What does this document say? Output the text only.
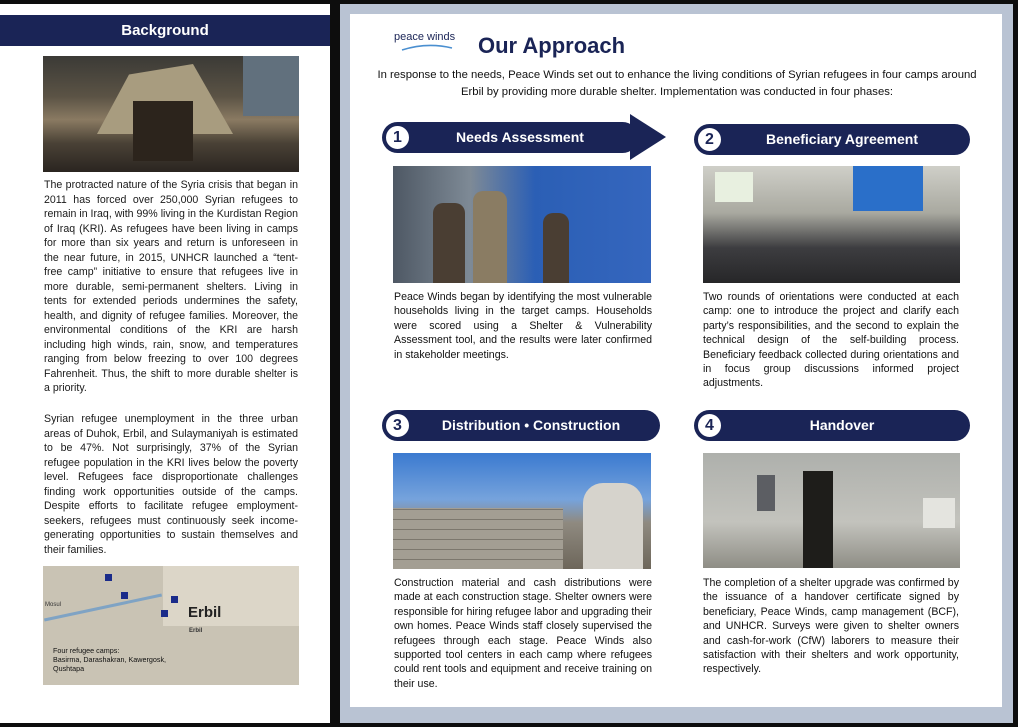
Background

The protracted nature of the Syria crisis that began in 2011 has forced over 250,000 Syrian refugees to remain in Iraq, with 99% living in the Kurdistan Region of Iraq (KRI). As refugees have been living in camps for more than six years and return is unforeseen in the near future, in 2015, UNHCR launched a “tent-free camp” initiative to ensure that refugees live in more durable, semi-permanent shelters. Living in tents for extended periods undermines the safety, health, and dignity of refugee families. Moreover, the environmental conditions of the KRI are harsh including high winds, rain, snow, and temperatures ranging from below freezing to over 100 degrees Fahrenheit. Thus, the shift to more durable shelter is a priority.

Syrian refugee unemployment in the three urban areas of Duhok, Erbil, and Sulaymaniyah is estimated to be 47%. Not surprisingly, 37% of the Syrian refugee population in the KRI lives below the poverty level. Refugees face disproportionate challenges finding work opportunities outside of the camps. Despite efforts to facilitate refugee employment-seekers, refugees must continuously seek income-generating opportunities to sustain themselves and their families.

Mosul	Erbil
Erbil
Four refugee camps:
Basirma, Darashakran, Kawergosk,
Qushtapa
peace winds Our Approach

In response to the needs, Peace Winds set out to enhance the living conditions of Syrian refugees in four camps around Erbil by providing more durable shelter. Implementation was conducted in four phases:

1	Needs Assessment

Peace Winds began by identifying the most vulnerable households living in the target camps. Households were scored using a Shelter & Vulnerability Assessment tool, and the results were later confirmed in stakeholder meetings.

2	Beneficiary Agreement

Two rounds of orientations were conducted at each camp: one to introduce the project and clarify each party’s responsibilities, and the second to explain the technical design of the self-building process. Beneficiary feedback collected during orientations and in focus group discussions informed project adjustments.

3	Distribution • Construction

Construction material and cash distributions were made at each construction stage. Shelter owners were responsible for hiring refugee labor and upgrading their own homes. Peace Winds staff closely supervised the refugees through each stage. Peace Winds also supported tool centers in each camp where refugees could rent tools and equipment and receive training on their use.

4	Handover

The completion of a shelter upgrade was confirmed by the issuance of a handover certificate signed by beneficiary, Peace Winds, camp management (BCF), and UNHCR. Surveys were given to shelter owners and cash-for-work (CfW) laborers to measure their satisfaction with their shelters and work opportunity, respectively.
